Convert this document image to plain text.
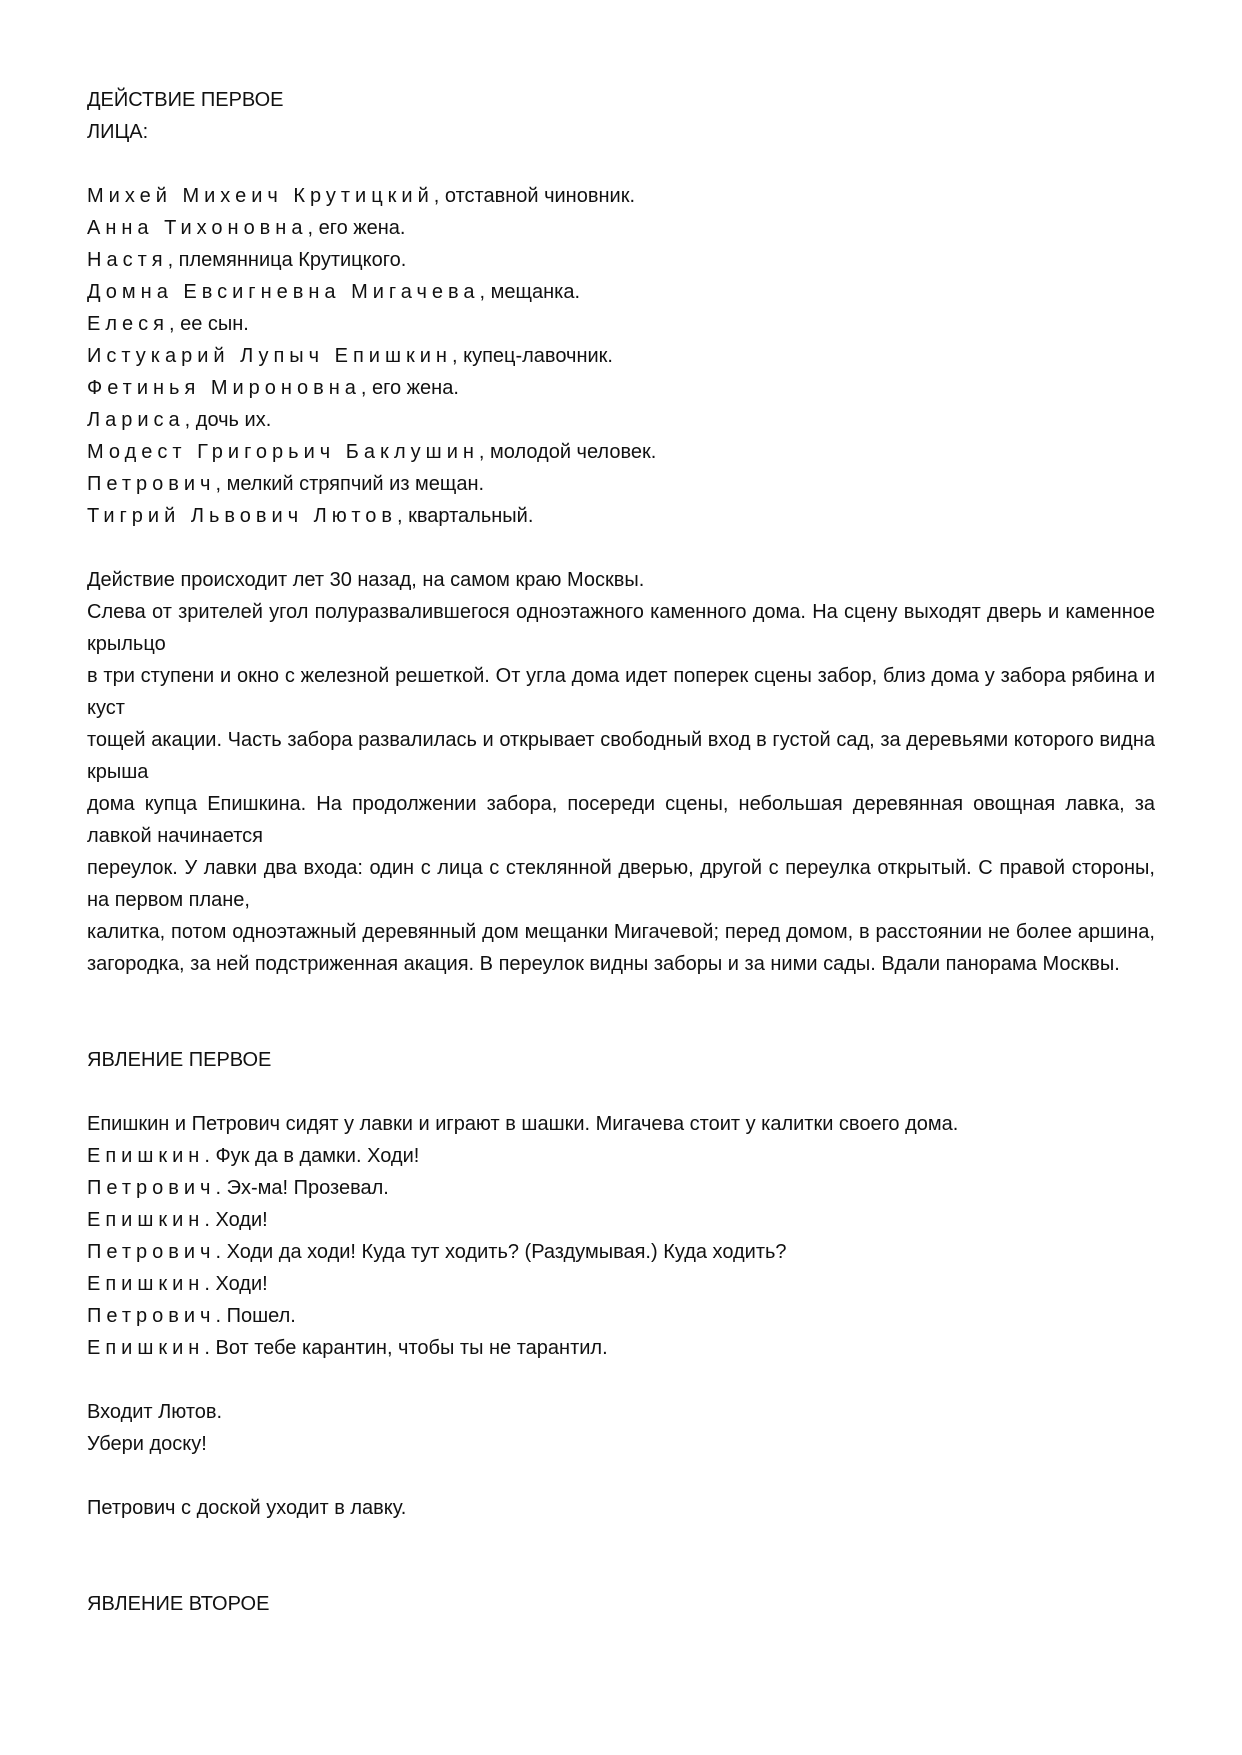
ДЕЙСТВИЕ ПЕРВОЕ
ЛИЦА:
Михей Михеич Крутицкий, отставной чиновник.
Анна Тихоновна, его жена.
Настя, племянница Крутицкого.
Домна Евсигневна Мигачева, мещанка.
Елеся, ее сын.
Истукарий Лупыч Епишкин, купец-лавочник.
Фетинья Мироновна, его жена.
Лариса, дочь их.
Модест Григорьич Баклушин, молодой человек.
Петрович, мелкий стряпчий из мещан.
Тигрий Львович Лютов, квартальный.
Действие происходит лет 30 назад, на самом краю Москвы.

Слева от зрителей угол полуразвалившегося одноэтажного каменного дома. На сцену выходят дверь и каменное крыльцо

в три ступени и окно с железной решеткой. От угла дома идет поперек сцены забор, близ дома у забора рябина и куст

тощей акации. Часть забора развалилась и открывает свободный вход в густой сад, за деревьями которого видна крыша

дома купца Епишкина. На продолжении забора, посереди сцены, небольшая деревянная овощная лавка, за лавкой начинается

переулок. У лавки два входа: один с лица с стеклянной дверью, другой с переулка открытый. С правой стороны, на первом плане,

калитка, потом одноэтажный деревянный дом мещанки Мигачевой; перед домом, в расстоянии не более аршина, загородка, за ней подстриженная акация. В переулок видны заборы и за ними сады. Вдали панорама Москвы.

ЯВЛЕНИЕ ПЕРВОЕ
Епишкин и Петрович сидят у лавки и играют в шашки. Мигачева стоит у калитки своего дома.
Епишкин. Фук да в дамки. Ходи!
Петрович. Эх-ма! Прозевал.
Епишкин. Ходи!
Петрович. Ходи да ходи! Куда тут ходить? (Раздумывая.) Куда ходить?
Епишкин. Ходи!
Петрович. Пошел.
Епишкин. Вот тебе карантин, чтобы ты не тарантил.
Входит Лютов.
Убери доску!
Петрович с доской уходит в лавку.
ЯВЛЕНИЕ ВТОРОЕ
